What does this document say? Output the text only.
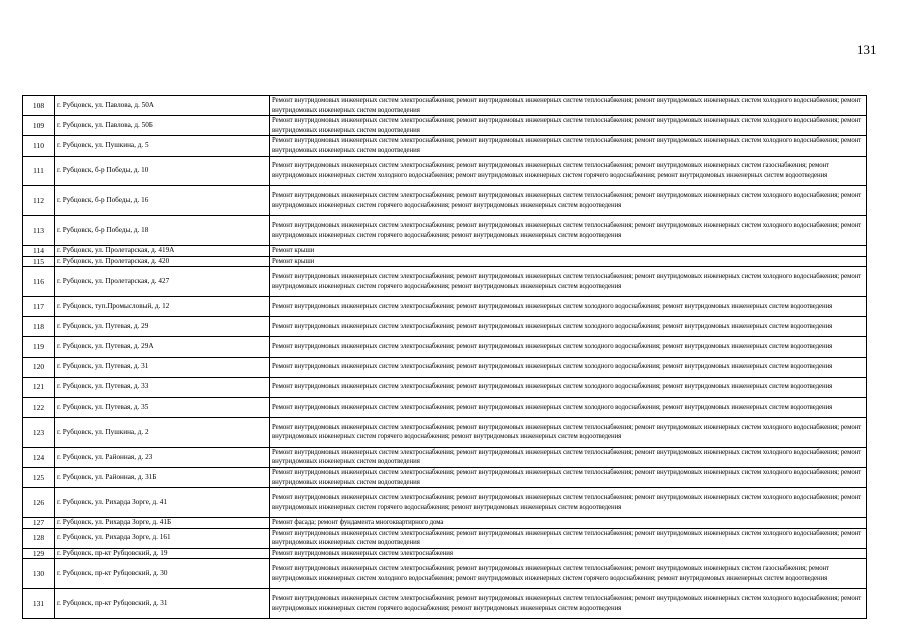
131
108	г. Рубцовск, ул. Павлова, д. 50А	Ремонт внутридомовых инженерных систем электроснабжения; ремонт внутридомовых инженерных систем теплоснабжения; ремонт внутридомовых инженерных систем холодного водоснабжения; ремонт внутридомовых инженерных систем водоотведения
109	г. Рубцовск, ул. Павлова, д. 50Б	Ремонт внутридомовых инженерных систем электроснабжения; ремонт внутридомовых инженерных систем теплоснабжения; ремонт внутридомовых инженерных систем холодного водоснабжения; ремонт внутридомовых инженерных систем водоотведения
110	г. Рубцовск, ул. Пушкина, д. 5	Ремонт внутридомовых инженерных систем электроснабжения; ремонт внутридомовых инженерных систем теплоснабжения; ремонт внутридомовых инженерных систем холодного водоснабжения; ремонт внутридомовых инженерных систем водоотведения
111	г. Рубцовск, б-р Победы, д. 10	Ремонт внутридомовых инженерных систем электроснабжения; ремонт внутридомовых инженерных систем теплоснабжения; ремонт внутридомовых инженерных систем газоснабжения; ремонт внутридомовых инженерных систем холодного водоснабжения; ремонт внутридомовых инженерных систем горячего водоснабжения; ремонт внутридомовых инженерных систем водоотведения
112	г. Рубцовск, б-р Победы, д. 16	Ремонт внутридомовых инженерных систем электроснабжения; ремонт внутридомовых инженерных систем теплоснабжения; ремонт внутридомовых инженерных систем холодного водоснабжения; ремонт внутридомовых инженерных систем горячего водоснабжения; ремонт внутридомовых инженерных систем водоотведения
113	г. Рубцовск, б-р Победы, д. 18	Ремонт внутридомовых инженерных систем электроснабжения; ремонт внутридомовых инженерных систем теплоснабжения; ремонт внутридомовых инженерных систем холодного водоснабжения; ремонт внутридомовых инженерных систем горячего водоснабжения; ремонт внутридомовых инженерных систем водоотведения
114	г. Рубцовск, ул. Пролетарская, д. 419А	Ремонт крыши
115	г. Рубцовск, ул. Пролетарская, д. 420	Ремонт крыши
116	г. Рубцовск, ул. Пролетарская, д. 427	Ремонт внутридомовых инженерных систем электроснабжения; ремонт внутридомовых инженерных систем теплоснабжения; ремонт внутридомовых инженерных систем холодного водоснабжения; ремонт внутридомовых инженерных систем горячего водоснабжения; ремонт внутридомовых инженерных систем водоотведения
117	г. Рубцовск, туп.Промысловый, д. 12	Ремонт внутридомовых инженерных систем электроснабжения; ремонт внутридомовых инженерных систем холодного водоснабжения; ремонт внутридомовых инженерных систем водоотведения
118	г. Рубцовск, ул. Путевая, д. 29	Ремонт внутридомовых инженерных систем электроснабжения; ремонт внутридомовых инженерных систем холодного водоснабжения; ремонт внутридомовых инженерных систем водоотведения
119	г. Рубцовск, ул. Путевая, д. 29А	Ремонт внутридомовых инженерных систем электроснабжения; ремонт внутридомовых инженерных систем холодного водоснабжения; ремонт внутридомовых инженерных систем водоотведения
120	г. Рубцовск, ул. Путевая, д. 31	Ремонт внутридомовых инженерных систем электроснабжения; ремонт внутридомовых инженерных систем холодного водоснабжения; ремонт внутридомовых инженерных систем водоотведения
121	г. Рубцовск, ул. Путевая, д. 33	Ремонт внутридомовых инженерных систем электроснабжения; ремонт внутридомовых инженерных систем холодного водоснабжения; ремонт внутридомовых инженерных систем водоотведения
122	г. Рубцовск, ул. Путевая, д. 35	Ремонт внутридомовых инженерных систем электроснабжения; ремонт внутридомовых инженерных систем холодного водоснабжения; ремонт внутридомовых инженерных систем водоотведения
123	г. Рубцовск, ул. Пушкина, д. 2	Ремонт внутридомовых инженерных систем электроснабжения; ремонт внутридомовых инженерных систем теплоснабжения; ремонт внутридомовых инженерных систем холодного водоснабжения; ремонт внутридомовых инженерных систем горячего водоснабжения; ремонт внутридомовых инженерных систем водоотведения
124	г. Рубцовск, ул. Районная, д. 23	Ремонт внутридомовых инженерных систем электроснабжения; ремонт внутридомовых инженерных систем теплоснабжения; ремонт внутридомовых инженерных систем холодного водоснабжения; ремонт внутридомовых инженерных систем водоотведения
125	г. Рубцовск, ул. Районная, д. 31Б	Ремонт внутридомовых инженерных систем электроснабжения; ремонт внутридомовых инженерных систем теплоснабжения; ремонт внутридомовых инженерных систем холодного водоснабжения; ремонт внутридомовых инженерных систем водоотведения
126	г. Рубцовск, ул. Рихарда Зорге, д. 41	Ремонт внутридомовых инженерных систем электроснабжения; ремонт внутридомовых инженерных систем теплоснабжения; ремонт внутридомовых инженерных систем холодного водоснабжения; ремонт внутридомовых инженерных систем горячего водоснабжения; ремонт внутридомовых инженерных систем водоотведения
127	г. Рубцовск, ул. Рихарда Зорге, д. 41Б	Ремонт фасада; ремонт фундамента многоквартирного дома
128	г. Рубцовск, ул. Рихарда Зорге, д. 161	Ремонт внутридомовых инженерных систем электроснабжения; ремонт внутридомовых инженерных систем теплоснабжения; ремонт внутридомовых инженерных систем холодного водоснабжения; ремонт внутридомовых инженерных систем водоотведения
129	г. Рубцовск, пр-кт Рубцовский, д. 19	Ремонт внутридомовых инженерных систем электроснабжения
130	г. Рубцовск, пр-кт Рубцовский, д. 30	Ремонт внутридомовых инженерных систем электроснабжения; ремонт внутридомовых инженерных систем теплоснабжения; ремонт внутридомовых инженерных систем газоснабжения; ремонт внутридомовых инженерных систем холодного водоснабжения; ремонт внутридомовых инженерных систем горячего водоснабжения; ремонт внутридомовых инженерных систем водоотведения
131	г. Рубцовск, пр-кт Рубцовский, д. 31	Ремонт внутридомовых инженерных систем электроснабжения; ремонт внутридомовых инженерных систем теплоснабжения; ремонт внутридомовых инженерных систем холодного водоснабжения; ремонт внутридомовых инженерных систем горячего водоснабжения; ремонт внутридомовых инженерных систем водоотведения
